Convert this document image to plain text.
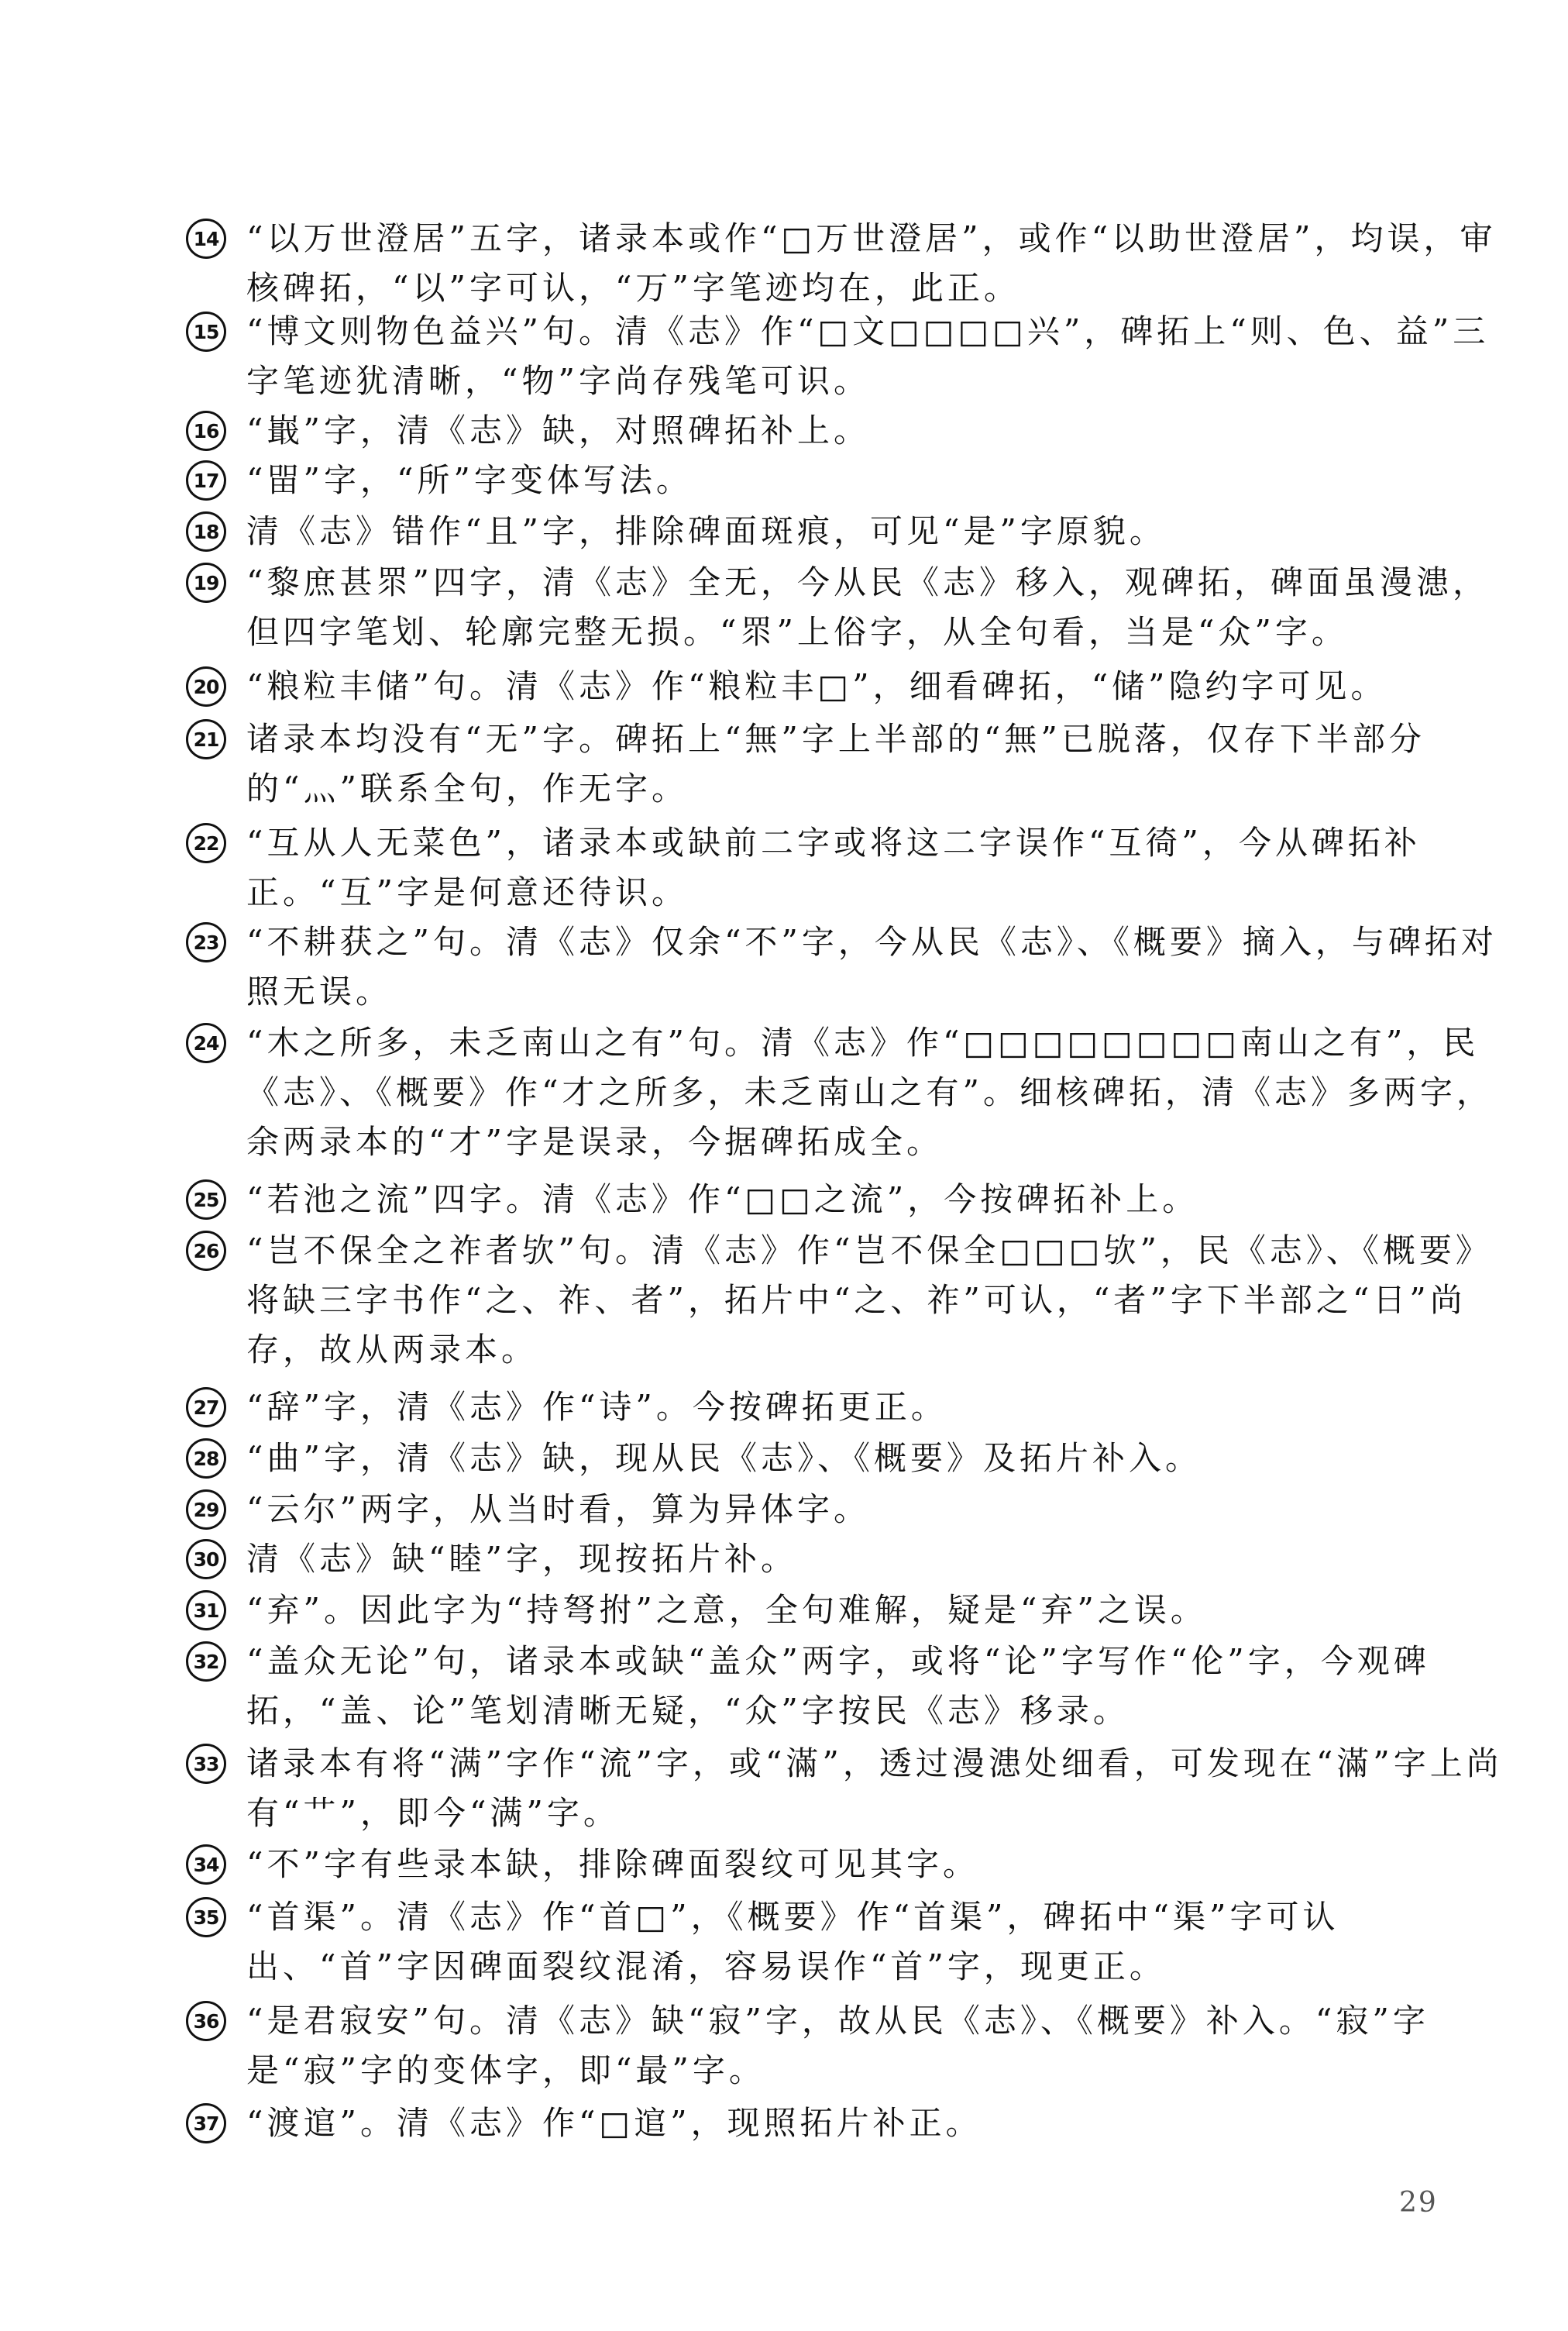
14 “以万世澄居”五字，诸录本或作“□万世澄居”，或作“以助世澄居”，均误，审核碑拓，“以”字可认，“万”字笔迹均在，此正。
15 “博文则物色益兴”句。清《志》作“□文□□□□兴”，碑拓上“则、色、益”三字笔迹犹清晰，“物”字尚存残笔可识。
16 “嶯”字，清《志》缺，对照碑拓补上。
17 “㽞”字，“所”字变体写法。
18 清《志》错作“且”字，排除碑面斑痕，可见“是”字原貌。
19 “黎庶甚眔”四字，清《志》全无，今从民《志》移入，观碑拓，碑面虽漫漶，但四字笔划、轮廓完整无损。“眔”上俗字，从全句看，当是“众”字。
20 “粮粒丰储”句。清《志》作“粮粒丰□”，细看碑拓，“储”隐约字可见。
21 诸录本均没有“无”字。碑拓上“無”字上半部的“無”已脱落，仅存下半部分的“灬”联系全句，作无字。
22 “互从人无菜色”，诸录本或缺前二字或将这二字误作“互徛”，今从碑拓补正。“互”字是何意还待识。
23 “不耕获之”句。清《志》仅余“不”字，今从民《志》、《概要》摘入，与碑拓对照无误。
24 “木之所多，未乏南山之有”句。清《志》作“□□□□□□□□南山之有”，民《志》、《概要》作“才之所多，未乏南山之有”。细核碑拓，清《志》多两字，余两录本的“才”字是误录，今据碑拓成全。
25 “若池之流”四字。清《志》作“□□之流”，今按碑拓补上。
26 “岂不保全之祚者欤”句。清《志》作“岂不保全□□□欤”，民《志》、《概要》将缺三字书作“之、祚、者”，拓片中“之、祚”可认，“者”字下半部之“日”尚存，故从两录本。
27 “辞”字，清《志》作“诗”。今按碑拓更正。
28 “曲”字，清《志》缺，现从民《志》、《概要》及拓片补入。
29 “云尔”两字，从当时看，算为异体字。
30 清《志》缺“睦”字，现按拓片补。
31 “弃”。因此字为“持弩拊”之意，全句难解，疑是“弃”之误。
32 “盖众无论”句，诸录本或缺“盖众”两字，或将“论”字写作“伦”字，今观碑拓，“盖、论”笔划清晰无疑，“众”字按民《志》移录。
33 诸录本有将“满”字作“流”字，或“滿”，透过漫漶处细看，可发现在“滿”字上尚有“艹”，即今“满”字。
34 “不”字有些录本缺，排除碑面裂纹可见其字。
35 “首渠”。清《志》作“首□”，《概要》作“首渠”，碑拓中“渠”字可认出、“首”字因碑面裂纹混淆，容易误作“首”字，现更正。
36 “是君寂安”句。清《志》缺“寂”字，故从民《志》、《概要》补入。“寂”字是“寂”字的变体字，即“最”字。
37 “渡逭”。清《志》作“□逭”，现照拓片补正。
29
